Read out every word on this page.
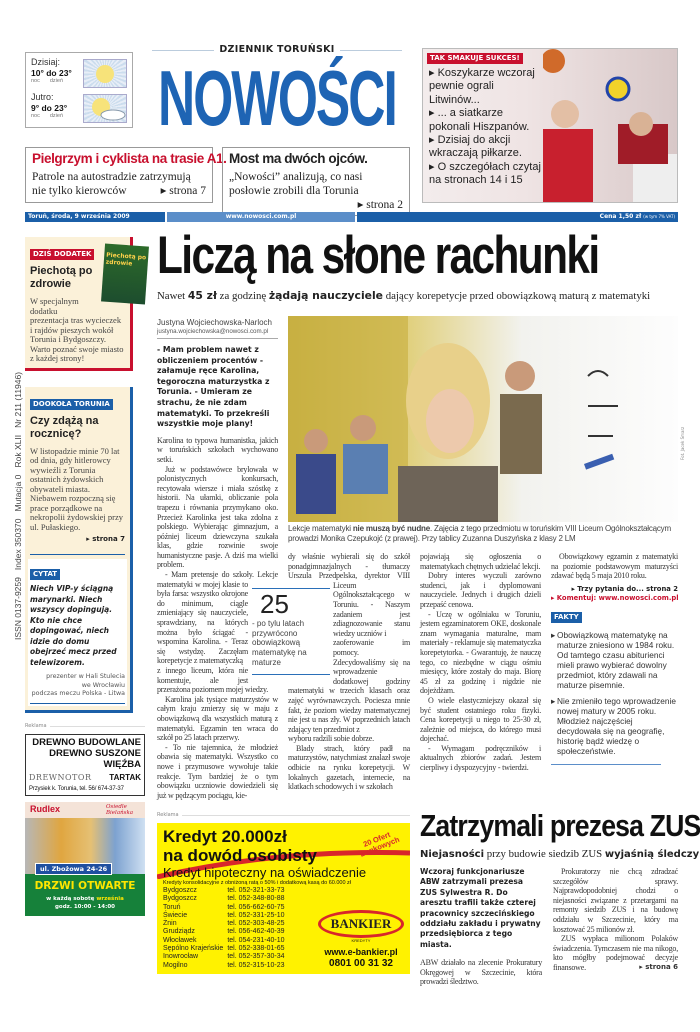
Dzisiaj:
10° do 23°
noc dzień
Jutro:
9° do 23°
noc dzień
DZIENNIK TORUŃSKI
NOWOŚCI
Pielgrzym i cyklista na trasie A1.
Patrole na autostradzie zatrzymują nie tylko kierowców	▸ strona 7
Most ma dwóch ojców.
„Nowości” analizują, co nasi posłowie zrobili dla Torunia
▸ strona 2
TAK SMAKUJE SUKCES!
▸ Koszykarze wczoraj pewnie ograli Litwinów...
▸ ... a siatkarze pokonali Hiszpanów.
▸ Dzisiaj do akcji wkraczają piłkarze.
▸ O szczegółach czytaj na stronach 14 i 15
Toruń, środa, 9 września 2009	www.nowosci.com.pl	Cena 1,50 zł (w tym 7% VAT)
DZIŚ DODATEK	Piechotą po zdrowie
Piechotą po zdrowie
W specjalnym dodatku prezentacja tras wycieczek i rajdów pieszych wokół Torunia i Bydgoszczy. Warto poznać swoje miasto z każdej strony!
DOOKOŁA TORUNIA
Czy zdążą na rocznicę?
W listopadzie minie 70 lat od dnia, gdy hitlerowcy wywieźli z Torunia ostatnich żydowskich obywateli miasta. Niebawem rozpoczną się prace porządkowe na nekropolii żydowskiej przy ul. Pułaskiego.
▸ strona 7
CYTAT
Niech VIP-y ściągną marynarki. Niech wszyscy dopingują. Kto nie chce dopingować, niech idzie do domu obejrzeć mecz przed telewizorem.
prezenter w Hali Stulecia
we Wrocławiu
podczas meczu Polska - Litwa
Reklama
DREWNO BUDOWLANE
DREWNO SUSZONE
WIĘŹBA
DREWNOTOR TARTAK
Przysiek k. Torunia, tel. 56/ 674-37-37
Rudlex	Osiedle Bielańska
ul. Zbożowa 24-26
DRZWI OTWARTE
w każdą sobotę września
godz. 10:00 - 14:00
ISSN 0137-9259   Index 350370   Mutacja 0   Rok XLII   Nr 211 (11946)
Liczą na słone rachunki
Nawet 45 zł za godzinę żądają nauczyciele dający korepetycje przed obowiązkową maturą z matematyki
Fot. Jacek Smarz
Lekcje matematyki nie muszą być nudne. Zajęcia z tego przedmiotu w toruńskim VIII Liceum Ogólnokształcącym prowadzi Monika Czepukojć (z prawej). Przy tablicy Zuzanna Duszyńska z klasy 2 LM
Justyna Wojciechowska-Narloch
justyna.wojciechowska@nowosci.com.pl
- Mam problem nawet z obliczeniem procentów - załamuje ręce Karolina, tegoroczna maturzystka z Torunia. - Umieram ze strachu, że nie zdam matematyki. To przekreśli wszystkie moje plany!

Karolina to typowa humanistka, jakich w toruńskich szkołach wychowano setki.

Już w podstawówce brylowała w polonistycznych konkursach, recytowała wiersze i miała szóstkę z historii. Na ułamki, obliczanie pola trapezu i równania przymykano oko. Przecież Karolinka jest taka zdolna z polskiego. Wybierając gimnazjum, a później liceum dziewczyna szukała klas, gdzie rozwinie swoje humanistyczne pasje. A dziś ma wielki problem.

- Mam pretensje do szkoły. Lekcje matematyki w mojej klasie to była farsa: wszystko okrojone do minimum, ciągle zmieniający się nauczyciele, sprawdziany, na których można było ściągać - wspomina Karolina. - Teraz się wstydzę. Zaczęłam korepetycje z matematyczką

z innego liceum, która nie komentuje, ale jest przerażona poziomem mojej wiedzy.

Karolina jak tysiące maturzystów w całym kraju zmierzy się w maju z obowiązkową dla wszystkich maturą z matematyki. Egzamin ten wraca do szkół po 25 latach przerwy.

- To nie tajemnica, że młodzież obawia się matematyki. Wszystko co nowe i przymusowe wywołuje takie reakcje. Tym bardziej że o tym obowiązku uczniowie dowiedzieli się już w pędzącym pociągu, kie-

25
- po tylu latach przywrócono obowiązkową matematykę na maturze

dy właśnie wybierali się do szkół ponadgimnazjalnych - tłumaczy Urszula Przedpelska, dyrektor VIII Liceum Ogólnokształcącego w Toruniu. - Naszym zadaniem jest zdiagnozowanie stanu wiedzy uczniów i

zaoferowanie im pomocy. Zdecydowaliśmy się na wprowadzenie dodatkowej godziny matematyki w trzecich klasach oraz zajęć wyrównawczych. Pociesza mnie fakt, że poziom wiedzy matematycznej nie jest u nas zły. W poprzednich latach zdający ten przedmiot z

wyboru radzili sobie dobrze.

Blady strach, który padł na maturzystów, natychmiast znalazł swoje odbicie na rynku korepetycji. W lokalnych gazetach, internecie, na klatkach schodowych i w szkołach

pojawiają się ogłoszenia o matematykach chętnych udzielać lekcji.

Dobry interes wyczuli zarówno studenci, jak i dyplomowani nauczyciele. Jednych i drugich dzieli przepaść cenowa.

- Uczę w ogólniaku w Toruniu, jestem egzaminatorem OKE, doskonale znam wymagania maturalne, mam materiały - reklamuje się matematyczka korepetytorka. - Gwarantuję, że nauczę tego, co niezbędne w ciągu ośmiu miesięcy, które zostały do maja. Biorę 45 zł za godzinę i nigdzie nie dojeżdżam.

O wiele elastyczniejszy okazał się być student ostatniego roku fizyki. Cena korepetycji u niego to 25-30 zł, zależnie od miejsca, do którego musi dojechać.

- Wymagam podręczników i aktualnych zbiorów zadań. Jestem cierpliwy i dyspozycyjny - twierdzi.

Obowiązkowy egzamin z matematyki na poziomie podstawowym maturzyści zdawać będą 5 maja 2010 roku.

▸ Trzy pytania do... strona 2
▸ Komentuj: www.nowosci.com.pl
FAKTY
▸ Obowiązkową matematykę na maturze zniesiono w 1984 roku. Od tamtego czasu abiturienci mieli prawo wybierać dowolny przedmiot, który zdawali na maturze pisemnie.
▸ Nie zmieniło tego wprowadzenie nowej matury w 2005 roku. Młodzież najczęściej decydowała się na geografię, historię bądź wiedzę o społeczeństwie.
Reklama
Kredyt 20.000zł
na dowód osobisty
20 Ofert Bankowych
Kredyt hipoteczny na oświadczenie
Kredyty konsolidacyjne z obniżoną ratą o 50% i dodatkową kasą do 60.000 zł
Bydgoszcz	tel. 052-321-33-73
Bydgoszcz	tel. 052-348-80-88
Toruń	tel. 056-662-60-75
Świecie	tel. 052-331-25-10
Żnin	tel. 052-303-48-25
Grudziądz	tel. 056-462-40-39
Włocławek	tel. 054-231-40-10
Sępólno Krajeńskie	tel. 052-338-01-65
Inowrocław	tel. 052-357-30-34
Mogilno	tel. 052-315-10-23
BANKIER
KREDYTY
www.e-bankier.pl
0801 00 31 32
Zatrzymali prezesa ZUS
Niejasności przy budowie siedzib ZUS wyjaśnią śledczy
Wczoraj funkcjonariusze ABW zatrzymali prezesa ZUS Sylwestra R. Do aresztu trafili także czterej pracownicy szczecińskiego oddziału zakładu i prywatny przedsiębiorca z tego miasta.

ABW działało na zlecenie Prokuratury Okręgowej w Szczecinie, która prowadzi śledztwo.

Prokuratorzy nie chcą zdradzać szczegółów sprawy. Najprawdopodobniej chodzi o niejasności związane z przetargami na remonty siedzib ZUS i na budowę oddziału w Szczecinie, który ma kosztować 25 milionów zł.

ZUS wypłaca milionom Polaków świadczenia. Tymczasem nie ma nikogo, kto mógłby podejmować decyzje finansowe.	▸ strona 6
